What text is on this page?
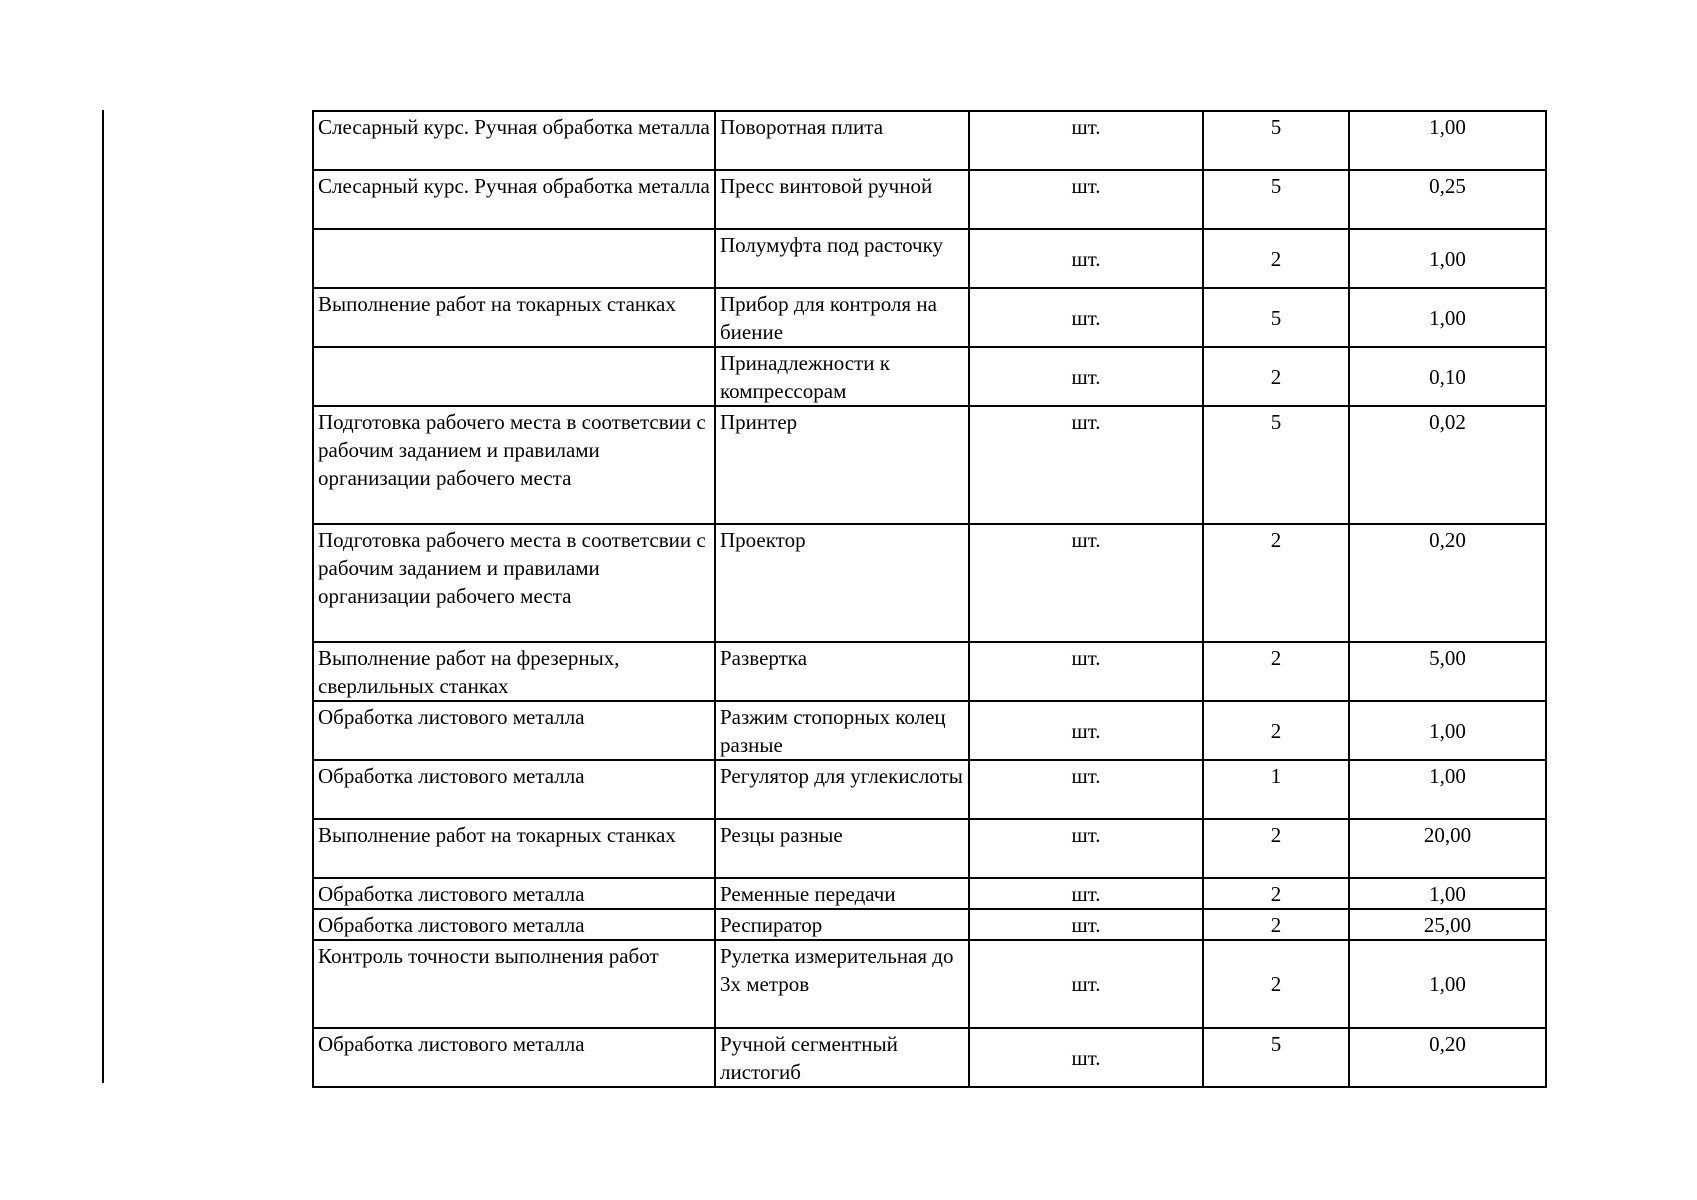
Слесарный курс. Ручная обработка металла	Поворотная плита	шт.	5	1,00
Слесарный курс. Ручная обработка металла	Пресс винтовой ручной	шт.	5	0,25
	Полумуфта под расточку	шт.	2	1,00
Выполнение работ на токарных станках	Прибор для контроля на биение	шт.	5	1,00
	Принадлежности к компрессорам	шт.	2	0,10
Подготовка рабочего места в соответсвии с рабочим заданием и правилами организации рабочего места	Принтер	шт.	5	0,02
Подготовка рабочего места в соответсвии с рабочим заданием и правилами организации рабочего места	Проектор	шт.	2	0,20
Выполнение работ на фрезерных, сверлильных станках	Развертка	шт.	2	5,00
Обработка листового металла	Разжим стопорных колец разные	шт.	2	1,00
Обработка листового металла	Регулятор для углекислоты	шт.	1	1,00
Выполнение работ на токарных станках	Резцы разные	шт.	2	20,00
Обработка листового металла	Ременные передачи	шт.	2	1,00
Обработка листового металла	Респиратор	шт.	2	25,00
Контроль точности выполнения работ	Рулетка измерительная до 3х метров	шт.	2	1,00
Обработка листового металла	Ручной сегментный листогиб	шт.	5	0,20
